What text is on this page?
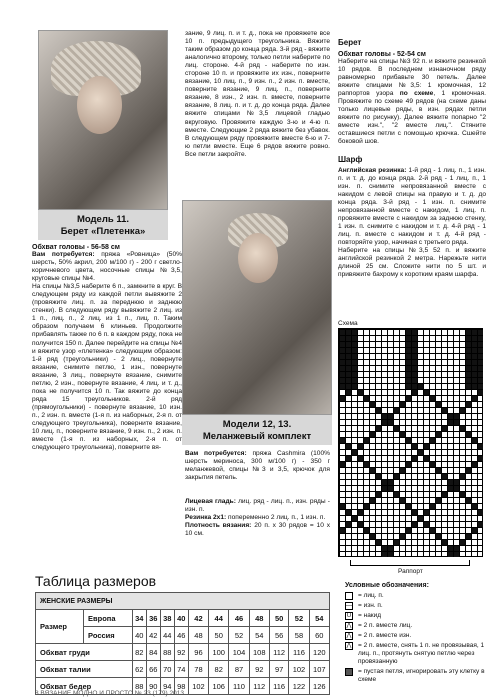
Модель 11.
Берет «Плетенка»
Обхват головы - 56-58 см
Вам потребуется: пряжа «Ровница» (50% шерсть, 50% акрил, 200 м/100 г) - 200 г светло-коричневого цвета, носочные спицы №3,5, круговые спицы №4.
На спицы №3,5 наберите 6 п., замкните в круг. В следующем ряду из каждой петли вывяжите 2 (провяжите лиц. п. за переднюю и заднюю стенки). В следующем ряду вывяжите 2 лиц. из 1 п., лиц. п., 2 лиц. из 1 п., лиц. п. Таким образом получаем 6 клиньев. Продолжите прибавлять также по 6 п. в каждом ряду, пока не получится 150 п. Далее перейдите на спицы №4 и вяжите узор «плетенка» следующим образом: 1-й ряд (треугольники) - 2 лиц., повернуте вязание, снимите петлю, 1 изн., повернуте вязание, 3 лиц., повернуте вязание, снимите петлю, 2 изн., повернуте вязание, 4 лиц. и т. д., пока не получится 10 п. Так вяжите до конца ряда 15 треугольников. 2-й ряд (прямоугольники) - повернуте вязание, 10 изн. п., 2 изн. п. вместе (1-я п. из наборных, 2-я п. от следующего треугольника), поверните вязание, 10 лиц. п., поверните вязание, 9 изн. п., 2 изн. п. вместе (1-я п. из наборных, 2-я п. от следующего треугольника), поверните вя-
зание, 9 лиц. п. и т. д., пока не провяжете все 10 п. предыдущего треугольника. Вяжите таким образом до конца ряда. 3-й ряд - вяжите аналогично второму, только петли наберите по лиц. стороне. 4-й ряд - наберите по изн. стороне 10 п. и провяжите их изн., поверните вязание, 10 лиц. п., 9 изн. п., 2 изн. п. вместе, поверните вязание, 9 лиц. п., поверните вязание, 8 изн., 2 изн. п. вместе, поверните вязание, 8 лиц. п. и т. д. до конца ряда. Далее вяжите спицами №3,5 лицевой гладью вкруговую. Провяжите каждую 3-ю и 4-ю п. вместе. Следующие 2 ряда вяжите без убавок. В следующем ряду провяжите вместе 6-ю и 7-ю петли вместе. Еще 6 рядов вяжите ровно. Все петли закройте.
Модели 12, 13.
Меланжевый комплект
Вам потребуется: пряжа Cashmira (100% шерсть мериноса, 300 м/100 г) - 350 г меланжевой, спицы №3 и 3,5, крючок для закрытия петель.
Лицевая гладь: лиц. ряд - лиц. п., изн. ряды - изн. п.
Резинка 2х1: попеременно 2 лиц. п., 1 изн. п.
Плотность вязания: 20 п. х 30 рядов = 10 х 10 см.
Берет
Обхват головы - 52-54 см
Наберите на спицы №3 92 п. и вяжите резинкой 10 рядов. В последнем изнаночном ряду равномерно прибавьте 30 петель. Далее вяжите спицами №3,5: 1 кромочная, 12 раппортов узора по схеме, 1 кромочная. Провяжите по схеме 49 рядов (на схеме даны только лицевые ряды, в изн. рядах петли вяжите по рисунку). Далее вяжите попарно "2 вместе изн.", "2 вместе лиц.". Стяните оставшиеся петли с помощью крючка. Сшейте боковой шов.
Шарф
Английская резинка: 1-й ряд - 1 лиц. п., 1 изн. п. и т. д. до конца ряда. 2-й ряд - 1 лиц. п., 1 изн. п. снимите непровязанной вместе с накидом с левой спицы на правую и т. д. до конца ряда. 3-й ряд - 1 изн. п. снимите непровязанной вместе с накидом, 1 лиц. п. провяжите вместе с накидом за заднюю стенку, 1 изн. п. снимите с накидом и т. д. 4-й ряд - 1 лиц. п. вместе с накидом и т. д. 4-й ряд - повторяйте узор, начиная с третьего ряда.
Наберите на спицы №3,5 52 п. и вяжите английской резинкой 2 метра. Нарежьте нити длиной 25 см. Сложите нити по 5 шт. и привяжите бахрому к коротким краям шарфа.
Схема
Раппорт
Условные обозначения:
= лиц. п.
— = изн. п.
U = накид
⋀ = 2 п. вместе лиц.
⋀ = 2 п. вместе изн.
⋀ = 2 п. вместе, снять 1 п. не провязывая, 1 лиц. п., протянуть снятую петлю через провязанную
= пустая петля, игнорировать эту клетку в схеме
Таблица размеров
ЖЕНСКИЕ РАЗМЕРЫ												
Размер	Европа	34	36	38	40	42	44	46	48	50	52	54
	Россия	40	42	44	46	48	50	52	54	56	58	60
Обхват груди		82	84	88	92	96	100	104	108	112	116	120
Обхват талии		62	66	70	74	78	82	87	92	97	102	107
Обхват бедер		88	90	94	98	102	106	110	112	116	122	126
8 ВЯЗАНИЕ МОДНО И ПРОСТО № 23 (179) 2013
